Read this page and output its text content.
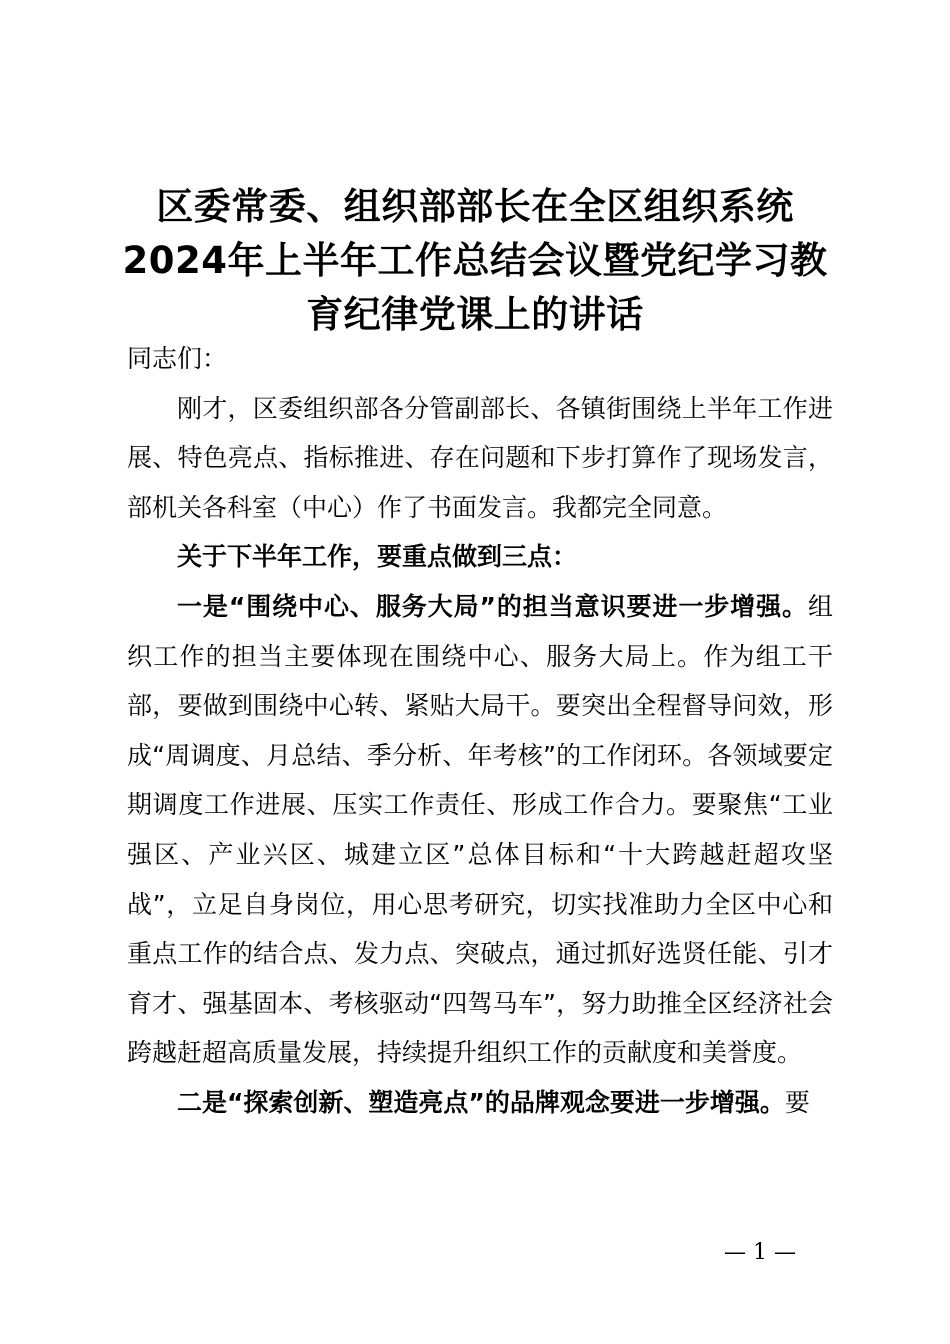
区委常委、组织部部长在全区组织系统2024年上半年工作总结会议暨党纪学习教育纪律党课上的讲话

同志们：

刚才，区委组织部各分管副部长、各镇街围绕上半年工作进展、特色亮点、指标推进、存在问题和下步打算作了现场发言，部机关各科室（中心）作了书面发言。我都完全同意。

关于下半年工作，要重点做到三点：

一是“围绕中心、服务大局”的担当意识要进一步增强。组织工作的担当主要体现在围绕中心、服务大局上。作为组工干部，要做到围绕中心转、紧贴大局干。要突出全程督导问效，形成“周调度、月总结、季分析、年考核”的工作闭环。各领域要定期调度工作进展、压实工作责任、形成工作合力。要聚焦“工业强区、产业兴区、城建立区”总体目标和“十大跨越赶超攻坚战”，立足自身岗位，用心思考研究，切实找准助力全区中心和重点工作的结合点、发力点、突破点，通过抓好选贤任能、引才育才、强基固本、考核驱动“四驾马车”，努力助推全区经济社会跨越赶超高质量发展，持续提升组织工作的贡献度和美誉度。

二是“探索创新、塑造亮点”的品牌观念要进一步增强。要

— 1 —
